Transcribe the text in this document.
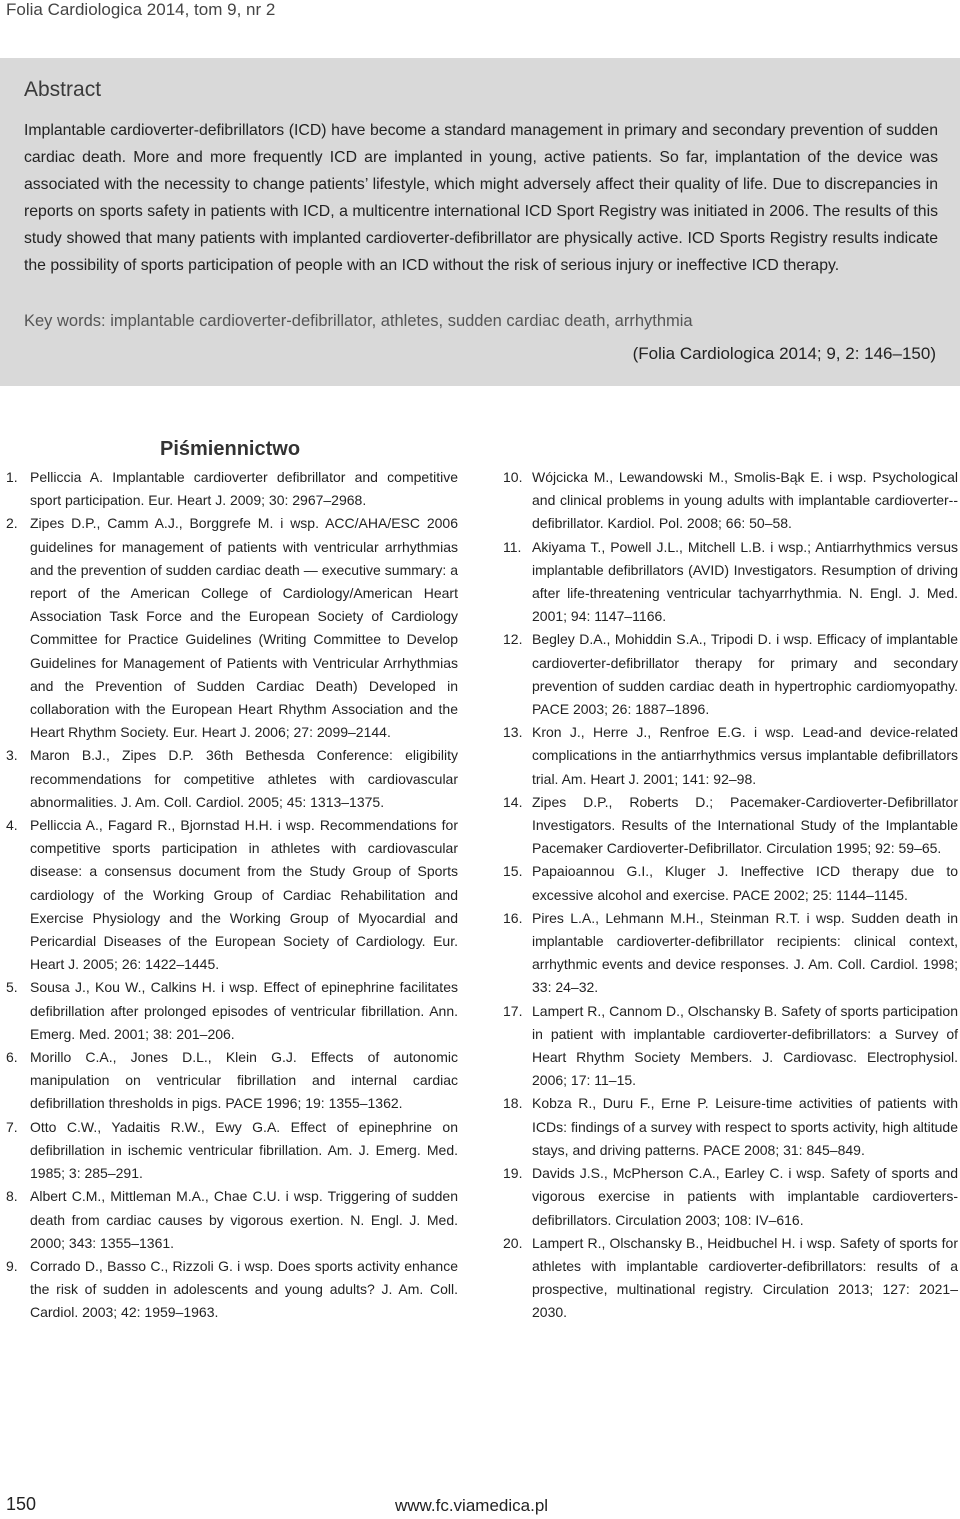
Folia Cardiologica 2014, tom 9, nr 2
Abstract

Implantable cardioverter-defibrillators (ICD) have become a standard management in primary and secondary prevention of sudden cardiac death. More and more frequently ICD are implanted in young, active patients. So far, implantation of the device was associated with the necessity to change patients’ lifestyle, which might adversely affect their quality of life. Due to discrepancies in reports on sports safety in patients with ICD, a multicentre international ICD Sport Registry was initiated in 2006. The results of this study showed that many patients with implanted cardioverter-defibrillator are physically active. ICD Sports Registry results indicate the possibility of sports participation of people with an ICD without the risk of serious injury or ineffective ICD therapy.

Key words: implantable cardioverter-defibrillator, athletes, sudden cardiac death, arrhythmia

(Folia Cardiologica 2014; 9, 2: 146–150)

Piśmiennictwo
1. Pelliccia A. Implantable cardioverter defibrillator and competitive sport participation. Eur. Heart J. 2009; 30: 2967–2968.
2. Zipes D.P., Camm A.J., Borggrefe M. i wsp. ACC/AHA/ESC 2006 guidelines for management of patients with ventricular arrhythmias and the prevention of sudden cardiac death — executive summary: a report of the American College of Cardiology/American Heart Association Task Force and the European Society of Cardiology Committee for Practice Guidelines (Writing Committee to Develop Guidelines for Management of Patients with Ventricular Arrhythmias and the Prevention of Sudden Cardiac Death) Developed in collaboration with the European Heart Rhythm Association and the Heart Rhythm Society. Eur. Heart J. 2006; 27: 2099–2144.
3. Maron B.J., Zipes D.P. 36th Bethesda Conference: eligibility recommendations for competitive athletes with cardiovascular abnormalities. J. Am. Coll. Cardiol. 2005; 45: 1313–1375.
4. Pelliccia A., Fagard R., Bjornstad H.H. i wsp. Recommendations for competitive sports participation in athletes with cardiovascular disease: a consensus document from the Study Group of Sports cardiology of the Working Group of Cardiac Rehabilitation and Exercise Physiology and the Working Group of Myocardial and Pericardial Diseases of the European Society of Cardiology. Eur. Heart J. 2005; 26: 1422–1445.
5. Sousa J., Kou W., Calkins H. i wsp. Effect of epinephrine facilitates defibrillation after prolonged episodes of ventricular fibrillation. Ann. Emerg. Med. 2001; 38: 201–206.
6. Morillo C.A., Jones D.L., Klein G.J. Effects of autonomic manipulation on ventricular fibrillation and internal cardiac defibrillation thresholds in pigs. PACE 1996; 19: 1355–1362.
7. Otto C.W., Yadaitis R.W., Ewy G.A. Effect of epinephrine on defibrillation in ischemic ventricular fibrillation. Am. J. Emerg. Med. 1985; 3: 285–291.
8. Albert C.M., Mittleman M.A., Chae C.U. i wsp. Triggering of sudden death from cardiac causes by vigorous exertion. N. Engl. J. Med. 2000; 343: 1355–1361.
9. Corrado D., Basso C., Rizzoli G. i wsp. Does sports activity enhance the risk of sudden in adolescents and young adults? J. Am. Coll. Cardiol. 2003; 42: 1959–1963.
10. Wójcicka M., Lewandowski M., Smolis-Bąk E. i wsp. Psychological and clinical problems in young adults with implantable cardioverter--defibrillator. Kardiol. Pol. 2008; 66: 50–58.
11. Akiyama T., Powell J.L., Mitchell L.B. i wsp.; Antiarrhythmics versus implantable defibrillators (AVID) Investigators. Resumption of driving after life-threatening ventricular tachyarrhythmia. N. Engl. J. Med. 2001; 94: 1147–1166.
12. Begley D.A., Mohiddin S.A., Tripodi D. i wsp. Efficacy of implantable cardioverter-defibrillator therapy for primary and secondary prevention of sudden cardiac death in hypertrophic cardiomyopathy. PACE 2003; 26: 1887–1896.
13. Kron J., Herre J., Renfroe E.G. i wsp. Lead-and device-related complications in the antiarrhythmics versus implantable defibrillators trial. Am. Heart J. 2001; 141: 92–98.
14. Zipes D.P., Roberts D.; Pacemaker-Cardioverter-Defibrillator Investigators. Results of the International Study of the Implantable Pacemaker Cardioverter-Defibrillator. Circulation 1995; 92: 59–65.
15. Papaioannou G.I., Kluger J. Ineffective ICD therapy due to excessive alcohol and exercise. PACE 2002; 25: 1144–1145.
16. Pires L.A., Lehmann M.H., Steinman R.T. i wsp. Sudden death in implantable cardioverter-defibrillator recipients: clinical context, arrhythmic events and device responses. J. Am. Coll. Cardiol. 1998; 33: 24–32.
17. Lampert R., Cannom D., Olschansky B. Safety of sports participation in patient with implantable cardioverter-defibrillators: a Survey of Heart Rhythm Society Members. J. Cardiovasc. Electrophysiol. 2006; 17: 11–15.
18. Kobza R., Duru F., Erne P. Leisure-time activities of patients with ICDs: findings of a survey with respect to sports activity, high altitude stays, and driving patterns. PACE 2008; 31: 845–849.
19. Davids J.S., McPherson C.A., Earley C. i wsp. Safety of sports and vigorous exercise in patients with implantable cardioverters-defibrillators. Circulation 2003; 108: IV–616.
20. Lampert R., Olschansky B., Heidbuchel H. i wsp. Safety of sports for athletes with implantable cardioverter-defibrillators: results of a prospective, multinational registry. Circulation 2013; 127: 2021–2030.
150	www.fc.viamedica.pl
